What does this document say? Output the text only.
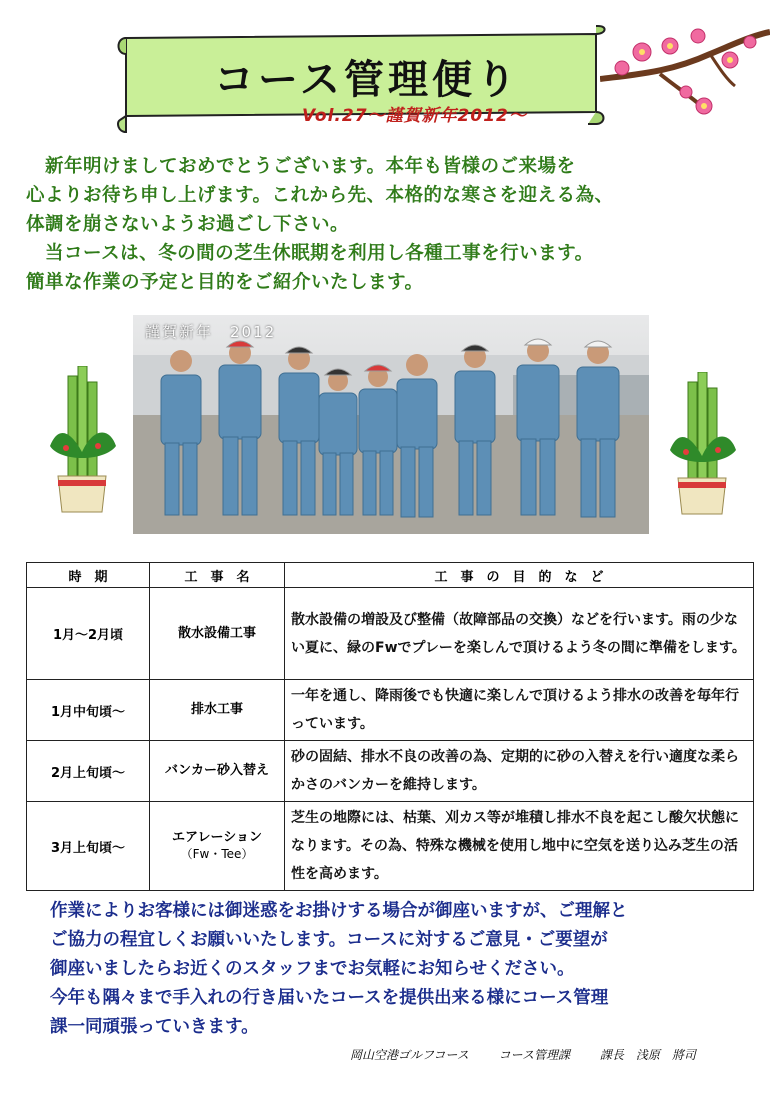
コース管理便り
Vol.27～謹賀新年2012～

　新年明けましておめでとうございます。本年も皆様のご来場を

心よりお待ち申し上げます。これから先、本格的な寒さを迎える為、

体調を崩さないようお過ごし下さい。

　当コースは、冬の間の芝生休眠期を利用し各種工事を行います。

簡単な作業の予定と目的をご紹介いたします。

謹賀新年　2012
時　期	工　事　名	工　事　の　目　的　な　ど
1月～2月頃	散水設備工事	散水設備の増設及び整備（故障部品の交換）などを行います。雨の少ない夏に、緑のFwでプレーを楽しんで頂けるよう冬の間に準備をします。
1月中旬頃～	排水工事	一年を通し、降雨後でも快適に楽しんで頂けるよう排水の改善を毎年行っています。
2月上旬頃～	バンカー砂入替え	砂の固結、排水不良の改善の為、定期的に砂の入替えを行い適度な柔らかさのバンカーを維持します。
3月上旬頃～	エアレーション
（Fw・Tee）	芝生の地際には、枯葉、刈カス等が堆積し排水不良を起こし酸欠状態になります。その為、特殊な機械を使用し地中に空気を送り込み芝生の活性を高めます。

作業によりお客様には御迷惑をお掛けする場合が御座いますが、ご理解と

ご協力の程宜しくお願いいたします。コースに対するご意見・ご要望が

御座いましたらお近くのスタッフまでお気軽にお知らせください。

今年も隅々まで手入れの行き届いたコースを提供出来る様にコース管理

課一同頑張っていきます。

岡山空港ゴルフコース コース管理課 課長　浅原　將司
